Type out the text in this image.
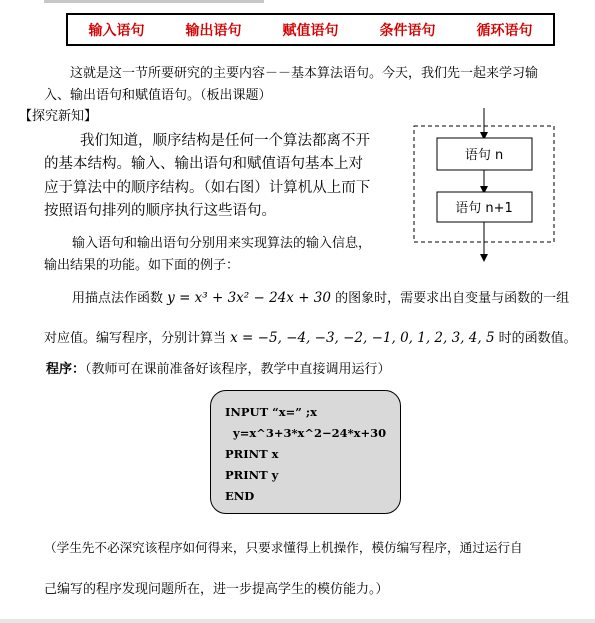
输入语句	输出语句	赋值语句	条件语句	循环语句
这就是这一节所要研究的主要内容－－基本算法语句。今天，我们先一起来学习输
入、输出语句和赋值语句。（板出课题）
【探究新知】
我们知道，顺序结构是任何一个算法都离不开
的基本结构。输入、输出语句和赋值语句基本上对
应于算法中的顺序结构。（如右图）计算机从上而下
按照语句排列的顺序执行这些语句。
输入语句和输出语句分别用来实现算法的输入信息，
输出结果的功能。如下面的例子：
用描点法作函数 y = x³ + 3x² − 24x + 30 的图象时，需要求出自变量与函数的一组
对应值。编写程序，分别计算当 x = −5, −4, −3, −2, −1, 0, 1, 2, 3, 4, 5 时的函数值。
程序：（教师可在课前准备好该程序，教学中直接调用运行）
语句 n
语句 n+1
INPUT “x=” ;x
y=x^3+3*x^2−24*x+30
PRINT x
PRINT y
END
（学生先不必深究该程序如何得来，只要求懂得上机操作，模仿编写程序，通过运行自
己编写的程序发现问题所在，进一步提高学生的模仿能力。）
